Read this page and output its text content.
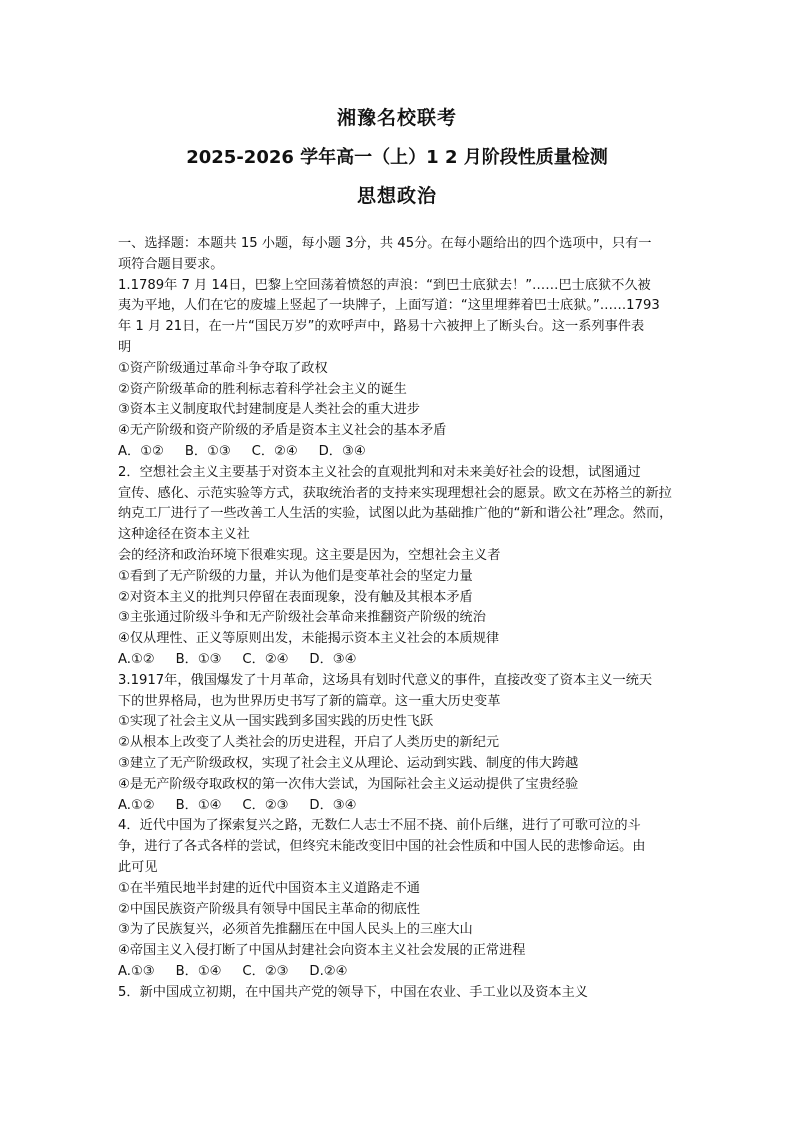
湘豫名校联考
2025-2026 学年高一（上）1 2 月阶段性质量检测
思想政治
一、选择题：本题共 15 小题，每小题 3分，共 45分。在每小题给出的四个选项中，只有一
项符合题目要求。
1.1789年 7 月 14日，巴黎上空回荡着愤怒的声浪：“到巴士底狱去！”……巴士底狱不久被
夷为平地，人们在它的废墟上竖起了一块牌子，上面写道：“这里埋葬着巴士底狱。”……1793
年 1 月 21日，在一片“国民万岁”的欢呼声中，路易十六被押上了断头台。这一系列事件表
明
①资产阶级通过革命斗争夺取了政权
②资产阶级革命的胜利标志着科学社会主义的诞生
③资本主义制度取代封建制度是人类社会的重大进步
④无产阶级和资产阶级的矛盾是资本主义社会的基本矛盾
A．①②     B．①③     C．②④     D．③④
2．空想社会主义主要基于对资本主义社会的直观批判和对未来美好社会的设想，试图通过
宣传、感化、示范实验等方式，获取统治者的支持来实现理想社会的愿景。欧文在苏格兰的新拉
纳克工厂进行了一些改善工人生活的实验，试图以此为基础推广他的“新和谐公社”理念。然而，
这种途径在资本主义社
会的经济和政治环境下很难实现。这主要是因为，空想社会主义者
①看到了无产阶级的力量，并认为他们是变革社会的坚定力量
②对资本主义的批判只停留在表面现象，没有触及其根本矛盾
③主张通过阶级斗争和无产阶级社会革命来推翻资产阶级的统治
④仅从理性、正义等原则出发，未能揭示资本主义社会的本质规律
A.①②     B．①③     C．②④     D．③④
3.1917年，俄国爆发了十月革命，这场具有划时代意义的事件，直接改变了资本主义一统天
下的世界格局，也为世界历史书写了新的篇章。这一重大历史变革
①实现了社会主义从一国实践到多国实践的历史性飞跃
②从根本上改变了人类社会的历史进程，开启了人类历史的新纪元
③建立了无产阶级政权，实现了社会主义从理论、运动到实践、制度的伟大跨越
④是无产阶级夺取政权的第一次伟大尝试，为国际社会主义运动提供了宝贵经验
A.①②     B．①④     C．②③     D．③④
4．近代中国为了探索复兴之路，无数仁人志士不屈不挠、前仆后继，进行了可歌可泣的斗
争，进行了各式各样的尝试，但终究未能改变旧中国的社会性质和中国人民的悲惨命运。由
此可见
①在半殖民地半封建的近代中国资本主义道路走不通
②中国民族资产阶级具有领导中国民主革命的彻底性
③为了民族复兴，必须首先推翻压在中国人民头上的三座大山
④帝国主义入侵打断了中国从封建社会向资本主义社会发展的正常进程
A.①③     B．①④     C．②③     D.②④
5．新中国成立初期，在中国共产党的领导下，中国在农业、手工业以及资本主义
